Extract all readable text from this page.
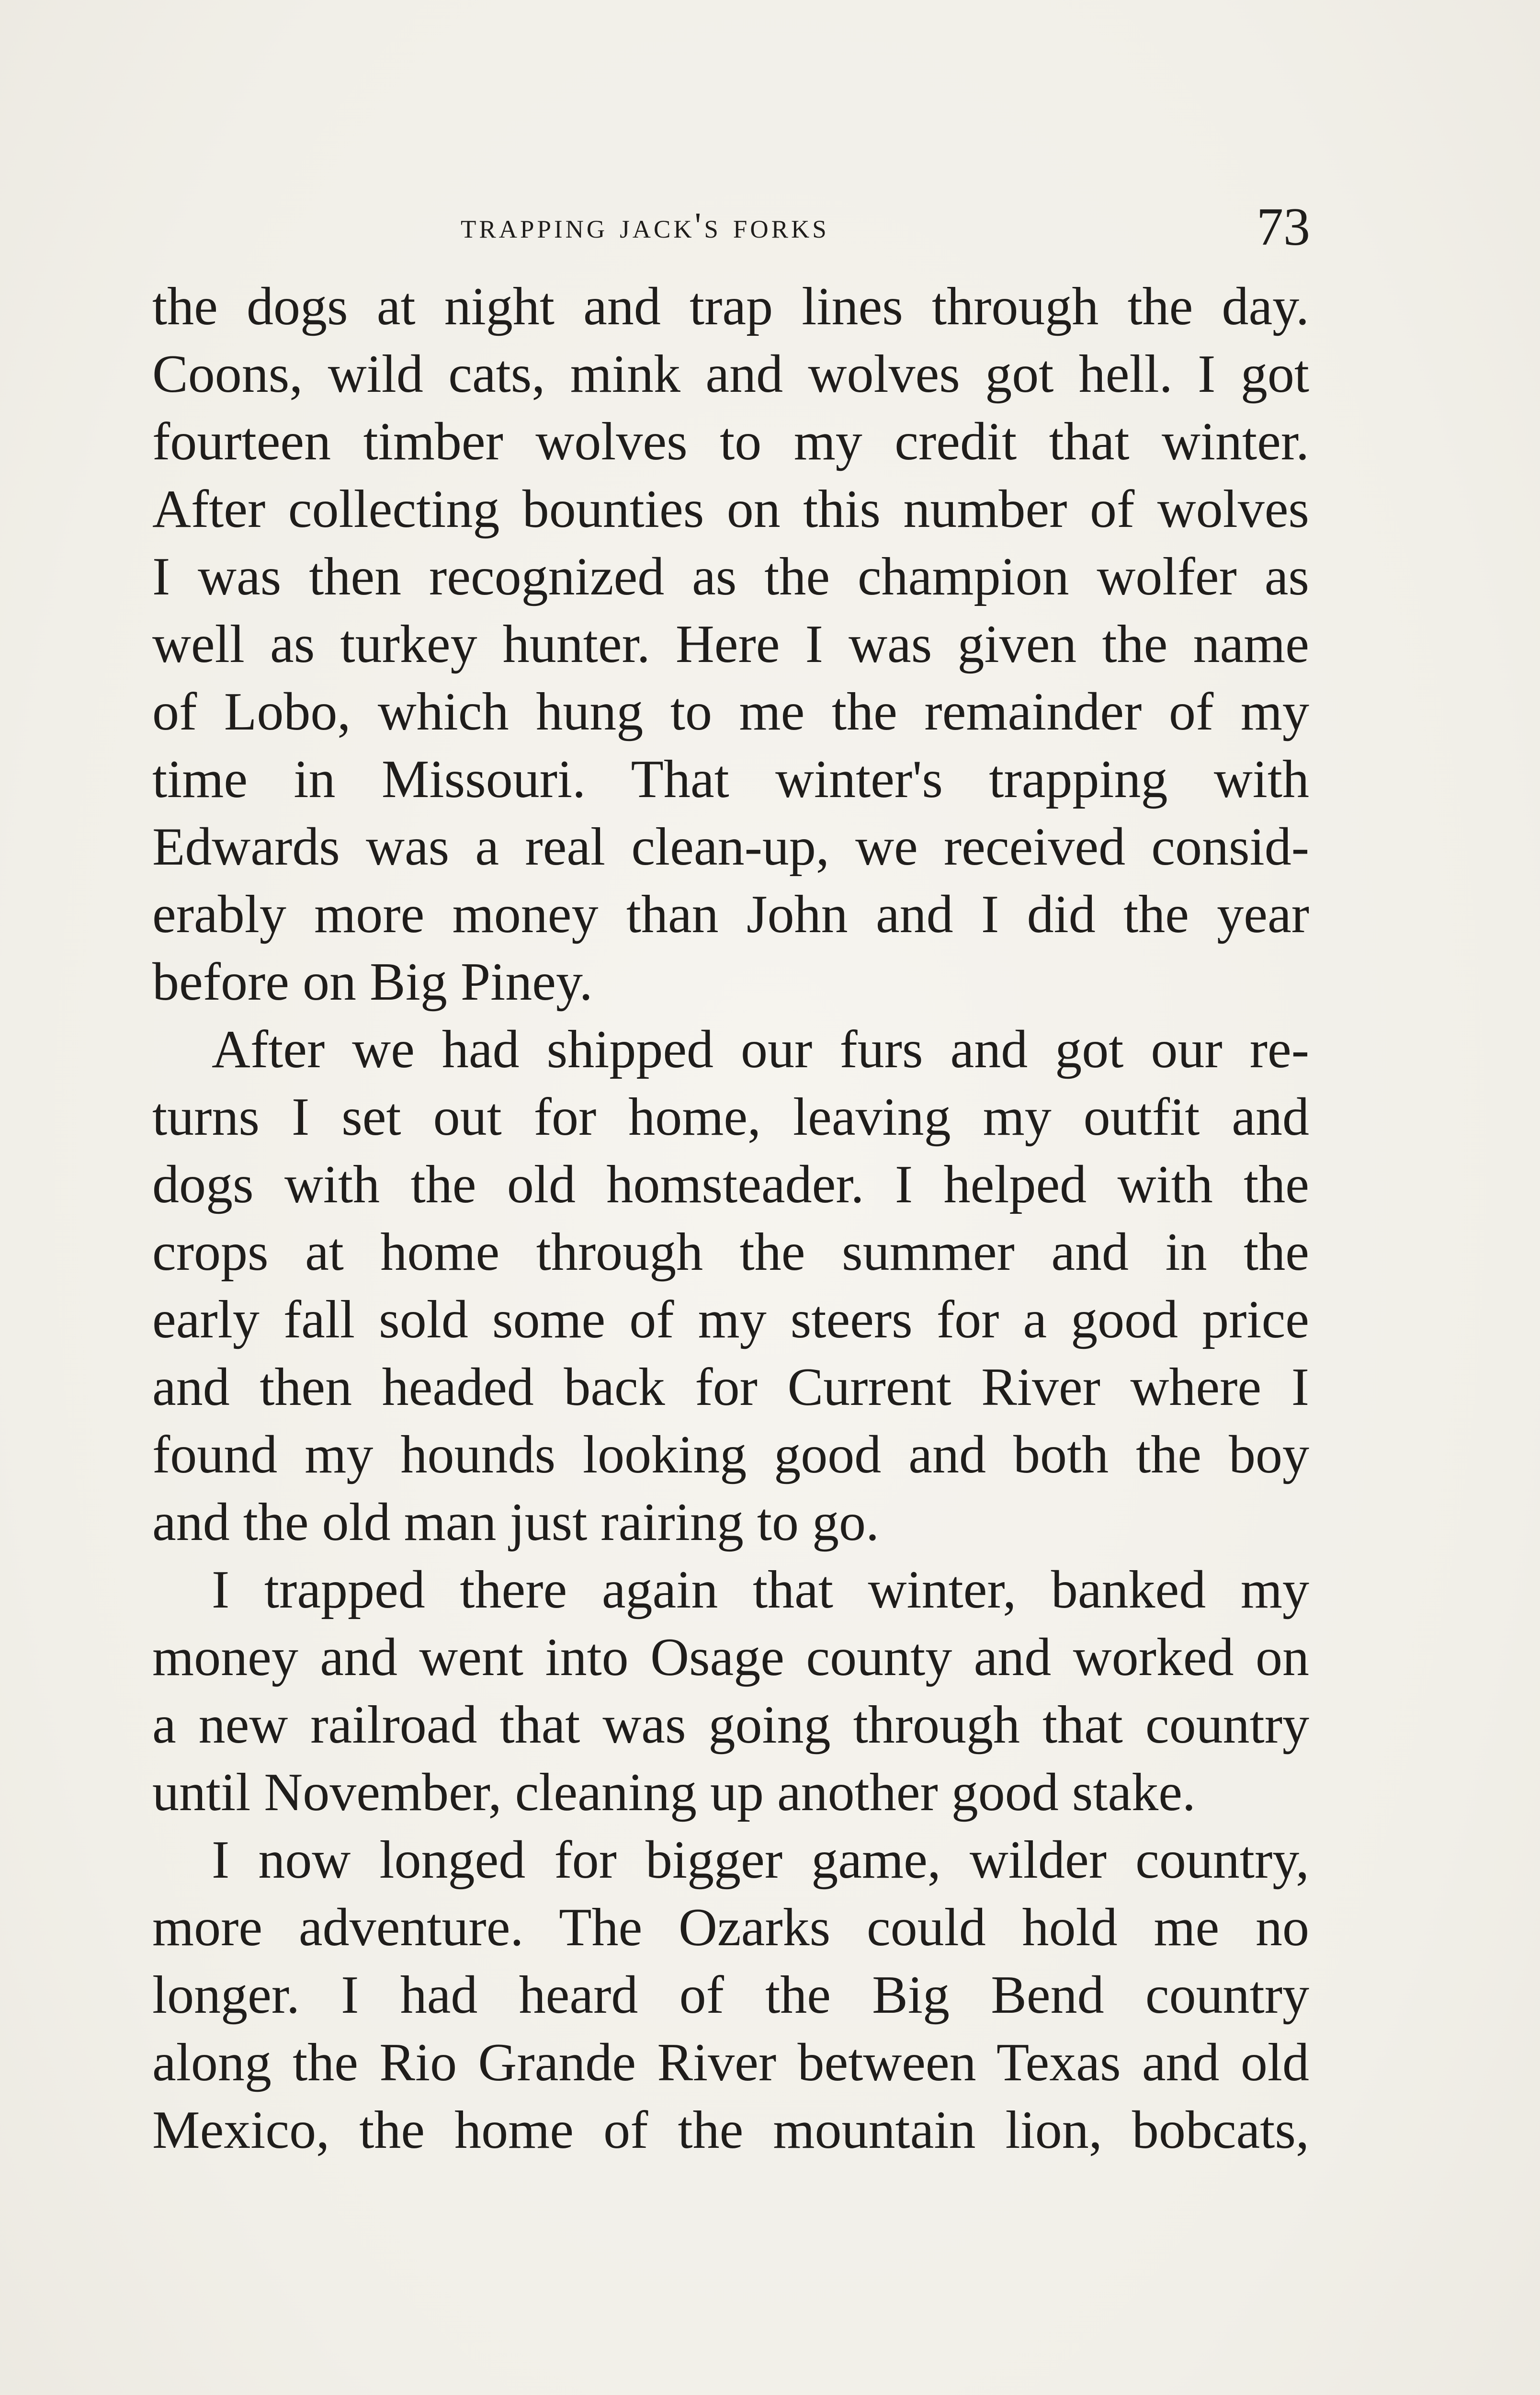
trapping jack's forks	73
the dogs at night and trap lines through the day.
Coons, wild cats, mink and wolves got hell. I got
fourteen timber wolves to my credit that winter.
After collecting bounties on this number of wolves
I was then recognized as the champion wolfer as
well as turkey hunter. Here I was given the name
of Lobo, which hung to me the remainder of my
time in Missouri. That winter's trapping with
Edwards was a real clean-up, we received consid-
erably more money than John and I did the year
before on Big Piney.
After we had shipped our furs and got our re-
turns I set out for home, leaving my outfit and
dogs with the old homsteader. I helped with the
crops at home through the summer and in the
early fall sold some of my steers for a good price
and then headed back for Current River where I
found my hounds looking good and both the boy
and the old man just rairing to go.
I trapped there again that winter, banked my
money and went into Osage county and worked on
a new railroad that was going through that country
until November, cleaning up another good stake.
I now longed for bigger game, wilder country,
more adventure. The Ozarks could hold me no
longer. I had heard of the Big Bend country
along the Rio Grande River between Texas and old
Mexico, the home of the mountain lion, bobcats,
